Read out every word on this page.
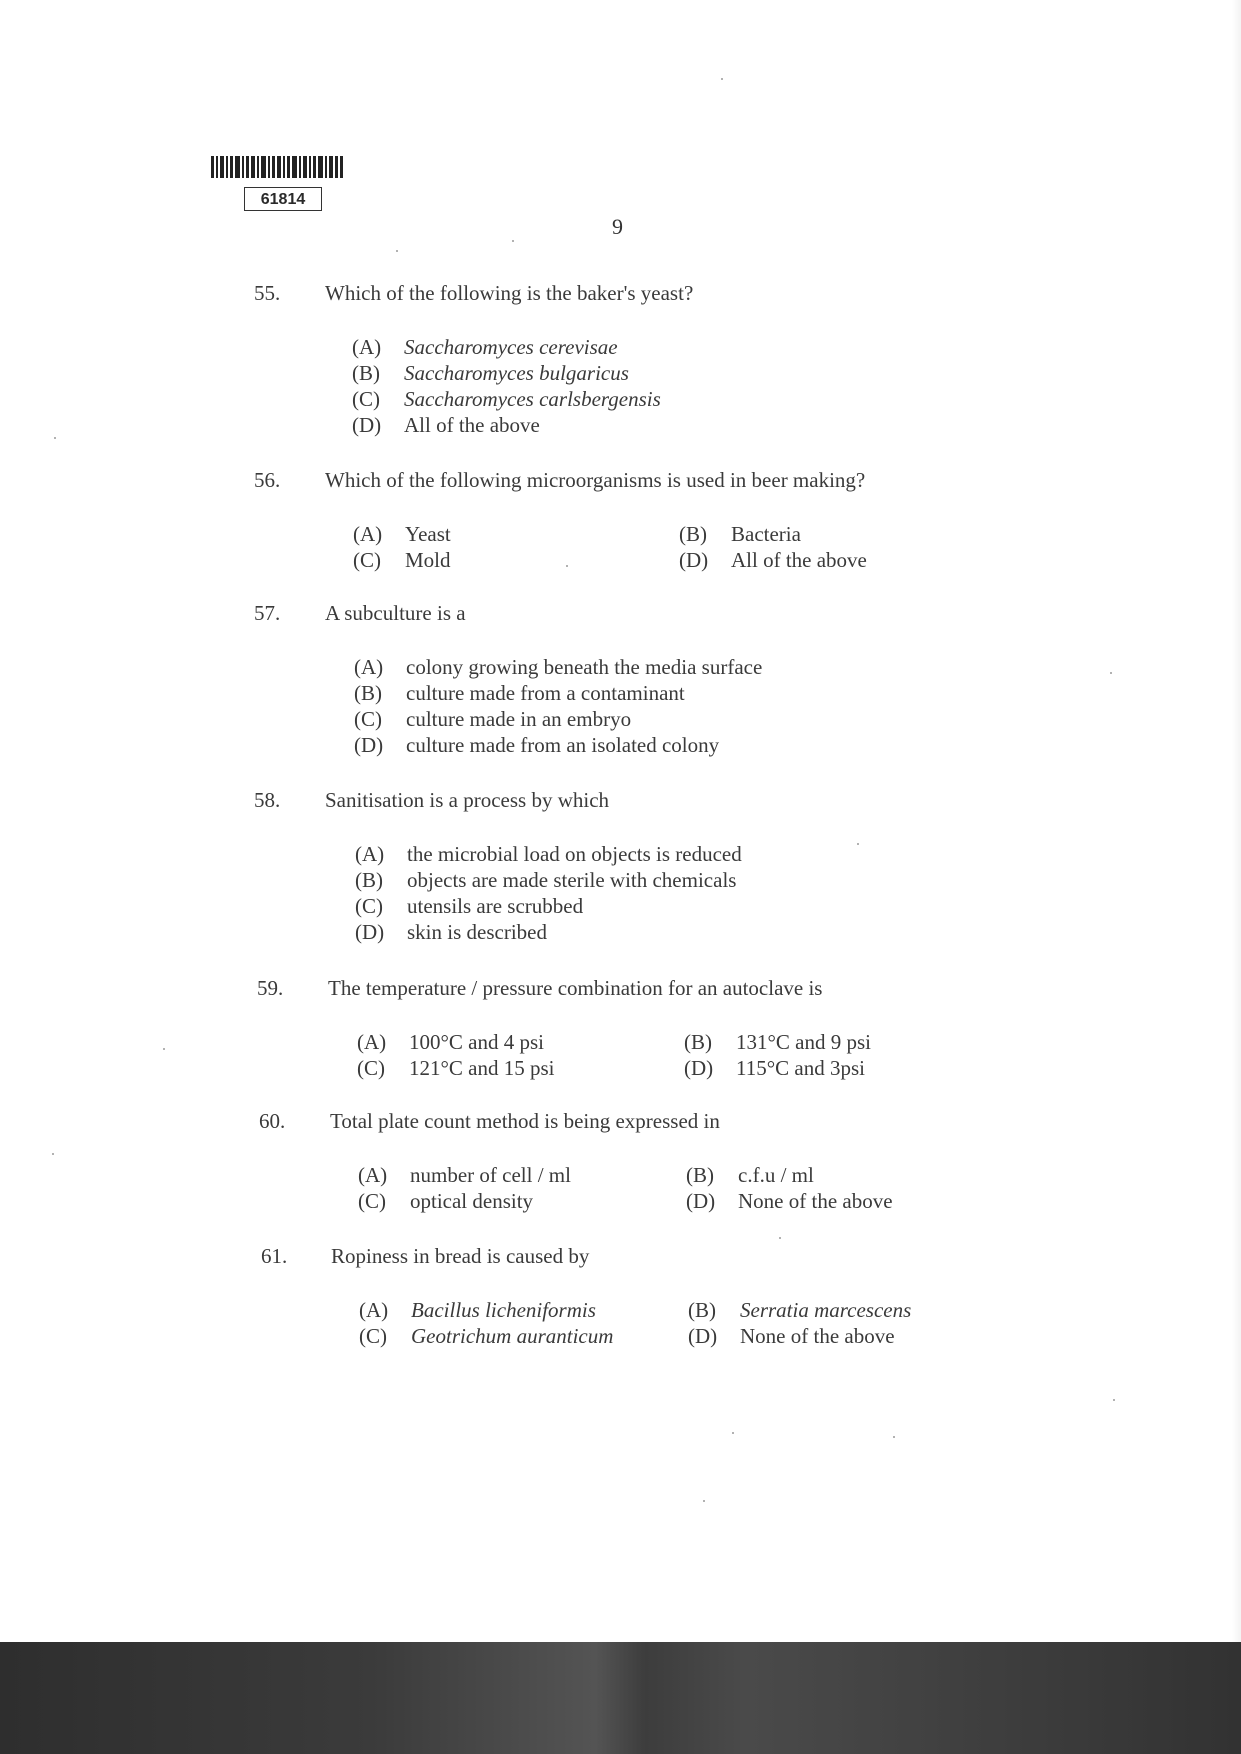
61814
9
55. Which of the following is the baker's yeast?
(A) Saccharomyces cerevisae
(B) Saccharomyces bulgaricus
(C) Saccharomyces carlsbergensis
(D) All of the above
56. Which of the following microorganisms is used in beer making?
(A) Yeast	(B) Bacteria
(C) Mold	(D) All of the above
57. A subculture is a
(A) colony growing beneath the media surface
(B) culture made from a contaminant
(C) culture made in an embryo
(D) culture made from an isolated colony
58. Sanitisation is a process by which
(A) the microbial load on objects is reduced
(B) objects are made sterile with chemicals
(C) utensils are scrubbed
(D) skin is described
59. The temperature / pressure combination for an autoclave is
(A) 100°C and 4 psi	(B) 131°C and 9 psi
(C) 121°C and 15 psi	(D) 115°C and 3psi
60. Total plate count method is being expressed in
(A) number of cell / ml	(B) c.f.u / ml
(C) optical density	(D) None of the above
61. Ropiness in bread is caused by
(A) Bacillus licheniformis	(B) Serratia marcescens
(C) Geotrichum auranticum	(D) None of the above
